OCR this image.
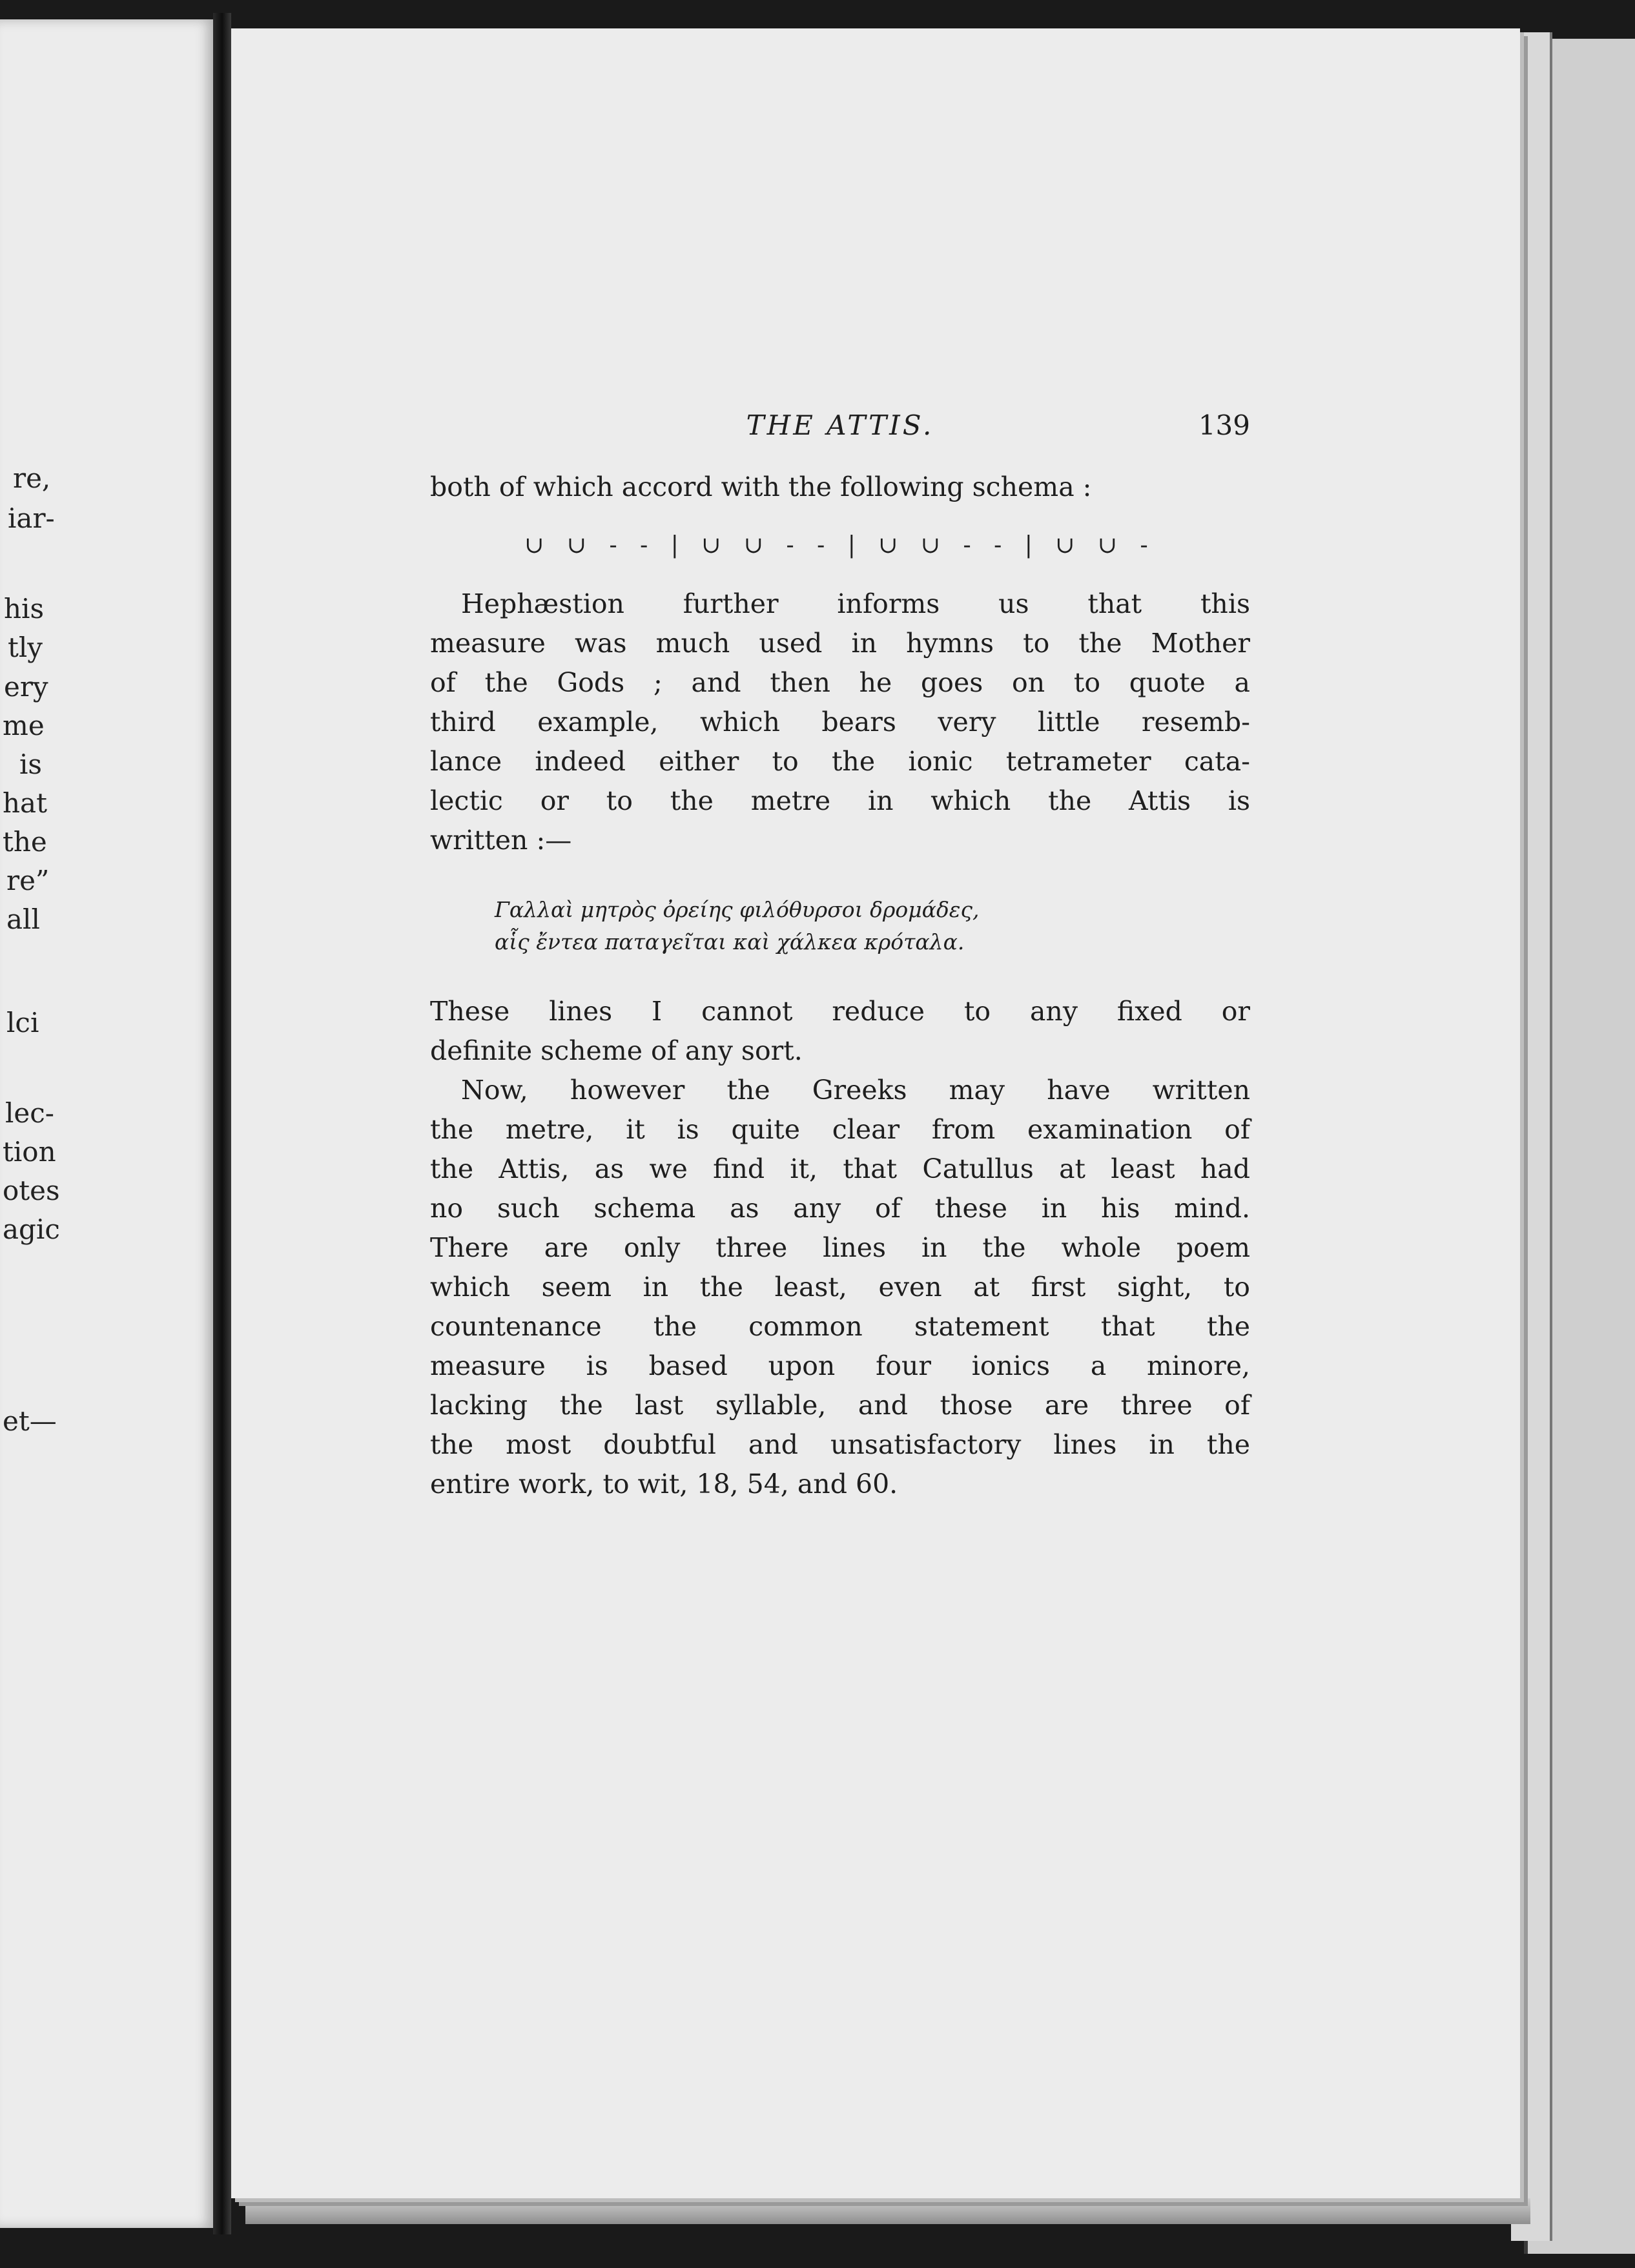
re,
iar-
his
tly
ery
me
is
hat
the
re”
all
lci
lec-
tion
otes
agic
et—
THE ATTIS.	139
both of which accord with the following schema :
∪ ∪ - - | ∪ ∪ - - | ∪ ∪ - - | ∪ ∪ -
Hephæstion further informs us that this
measure was much used in hymns to the Mother
of the Gods ; and then he goes on to quote a
third example, which bears very little resemb-
lance indeed either to the ionic tetrameter cata-
lectic or to the metre in which the Attis is
written :—
Γαλλαὶ μητρὸς ὀρείης φιλόθυρσοι δρομάδες,
αἷς ἔντεα παταγεῖται καὶ χάλκεα κρόταλα.
These lines I cannot reduce to any fixed or
definite scheme of any sort.
Now, however the Greeks may have written
the metre, it is quite clear from examination of
the Attis, as we find it, that Catullus at least had
no such schema as any of these in his mind.
There are only three lines in the whole poem
which seem in the least, even at first sight, to
countenance the common statement that the
measure is based upon four ionics a minore,
lacking the last syllable, and those are three of
the most doubtful and unsatisfactory lines in the
entire work, to wit, 18, 54, and 60.
